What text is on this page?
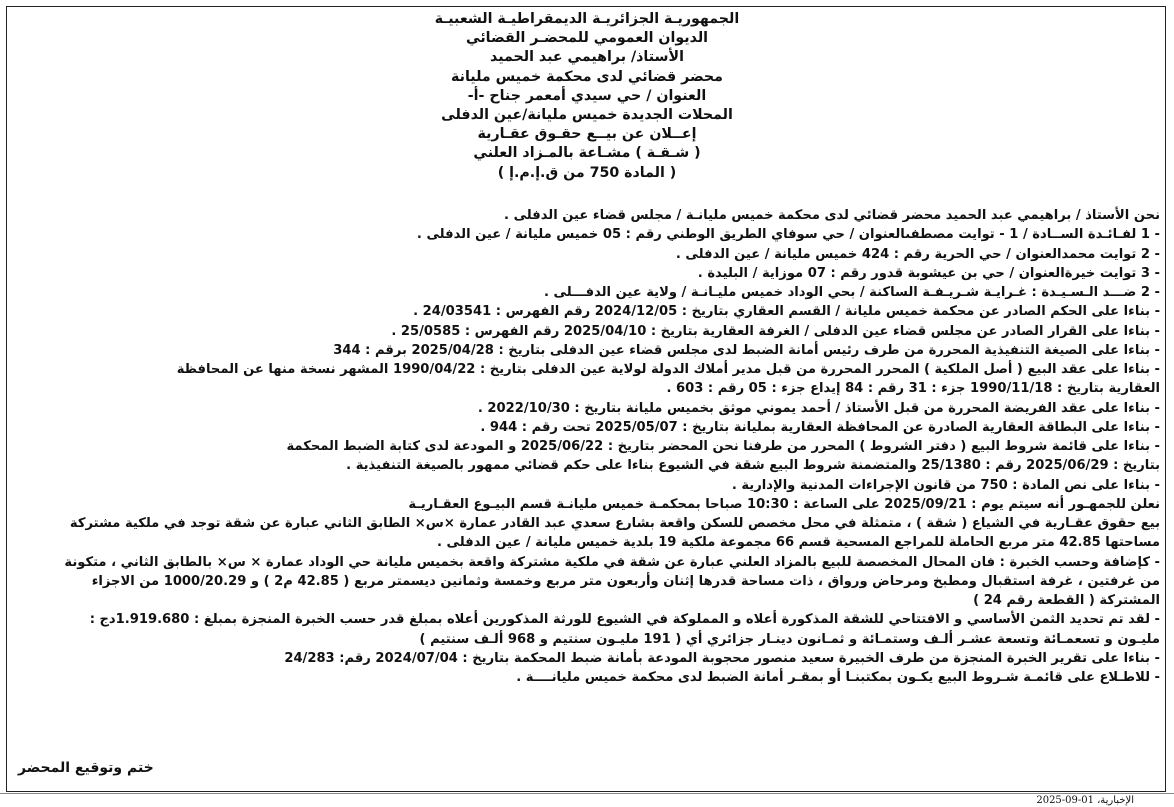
الجمهوريـة الجزائريـة الديمقراطيـة الشعبيـة
الديوان العمومي للمحضـر القضائي
الأستاذ/ براهيمي عبد الحميد
محضر قضائي لدى محكمة خميس مليانة
العنوان / حي سيدي أمعمر جناح -أ-
المحلات الجديدة خميس مليانة/عين الدفلى
إعــلان عن بيــع حقـوق عقـارية
( شـقـة ) مشـاعة بالمـزاد العلني
( المادة 750 من ق.إ.م.إ )
نحن الأستاذ / براهيمي عبد الحميد محضر قضائي لدى محكمة خميس مليانـة / مجلس قضاء عين الدفلى .
- 1 لفـائـدة الســادة / 1 - توايت مصطفىالعنوان / حي سوفاي الطريق الوطني رقم : 05 خميس مليانة / عين الدفلى .
- 2 توايت محمدالعنوان / حي الحرية رقم : 424 خميس مليانة / عين الدفلى .
- 3 توايت خيرةالعنوان / حي بن عيشوبة قدور رقم : 07 موزاية / البليدة .
- 2 ضـــد الـسـيـدة : غـرايـة شـريـفـة الساكنة / بحي الوداد خميس مليـانـة / ولاية عين الدفـــلى .
- بناءا على الحكم الصادر عن محكمة خميس مليانة / القسم العقاري بتاريخ : 2024/12/05 رقم الفهرس : 24/03541 .
- بناءا على القرار الصادر عن مجلس قضاء عين الدفلى / الغرفة العقارية بتاريخ : 2025/04/10 رقم الفهرس : 25/0585 .
- بناءا على الصيغة التنفيذية المحررة من طرف رئيس أمانة الضبط لدى مجلس قضاء عين الدفلى بتاريخ : 2025/04/28 برقم : 344
- بناءا على عقد البيع ( أصل الملكية ) المحرر المحررة من قبل مدير أملاك الدولة لولاية عين الدفلى بتاريخ : 1990/04/22 المشهر نسخة منها عن المحافظة
العقارية بتاريخ : 1990/11/18 جزء : 31 رقم : 84 إيداع جزء : 05 رقم : 603 .
- بناءا على عقد الفريضة المحررة من قبل الأستاذ / أحمد يموني موثق بخميس مليانة بتاريخ : 2022/10/30 .
- بناءا على البطاقة العقارية الصادرة عن المحافظة العقارية بمليانة بتاريخ : 2025/05/07 تحت رقم : 944 .
- بناءا على قائمة شروط البيع ( دفتر الشروط ) المحرر من طرفنا نحن المحضر بتاريخ : 2025/06/22 و المودعة لدى كتابة الضبط المحكمة
بتاريخ : 2025/06/29 رقم : 25/1380 والمتضمنة شروط البيع شقة في الشيوع بناءا على حكم قضائي ممهور بالصيغة التنفيذية .
- بناءا على نص المادة : 750 من قانون الإجراءات المدنية والإدارية .
نعلن للجمهـور أنه سيتم يوم : 2025/09/21 على الساعة : 10:30 صباحا بمحكمـة خميس مليانـة قسم البيـوع العقـاريـة
بيع حقوق عقـارية في الشياع ( شقة ) ، متمثلة في محل مخصص للسكن واقعة بشارع سعدي عبد القادر عمارة ×س× الطابق الثاني عبارة عن شقة توجد في ملكية مشتركة
مساحتها 42.85 متر مربع الحاملة للمراجع المسحية قسم 66 مجموعة ملكية 19 بلدية خميس مليانة / عين الدفلى .
- كإضافة وحسب الخبرة : فان المحال المخصصة للبيع بالمزاد العلني عبارة عن شقة في ملكية مشتركة واقعة بخميس مليانة حي الوداد عمارة × س× بالطابق الثاني ، متكونة
من غرفتين ، غرفة استقبال ومطبخ ومرحاض ورواق ، ذات مساحة قدرها إثنان وأربعون متر مربع وخمسة وثمانين ديسمتر مربع ( 42.85 م2 ) و 1000/20.29 من الاجزاء
المشتركة ( القطعة رقم 24 )
- لقد تم تحديد الثمن الأساسي و الافتتاحي للشقة المذكورة أعلاه و المملوكة في الشيوع للورثة المذكورين أعلاه بمبلغ قدر حسب الخبرة المنجزة بمبلغ : 1.919.680دج :
مليـون و تسعمـائة وتسعة عشـر ألـف وستمـائة و ثمـانون دينـار جزائري أي ( 191 مليـون سنتيم و 968 ألـف سنتيم )
- بناءا على تقرير الخبرة المنجزة من طرف الخبيرة سعيد منصور محجوبة المودعة بأمانة ضبط المحكمة بتاريخ : 2024/07/04 رقم: 24/283
- للاطـلاع على قائمـة شـروط البيع يكـون بمكتبنـا أو بمقـر أمانة الضبط لدى محكمة خميس مليانــــة .
ختم وتوقيع المحضر
الإخبارية،
2025-09-01
